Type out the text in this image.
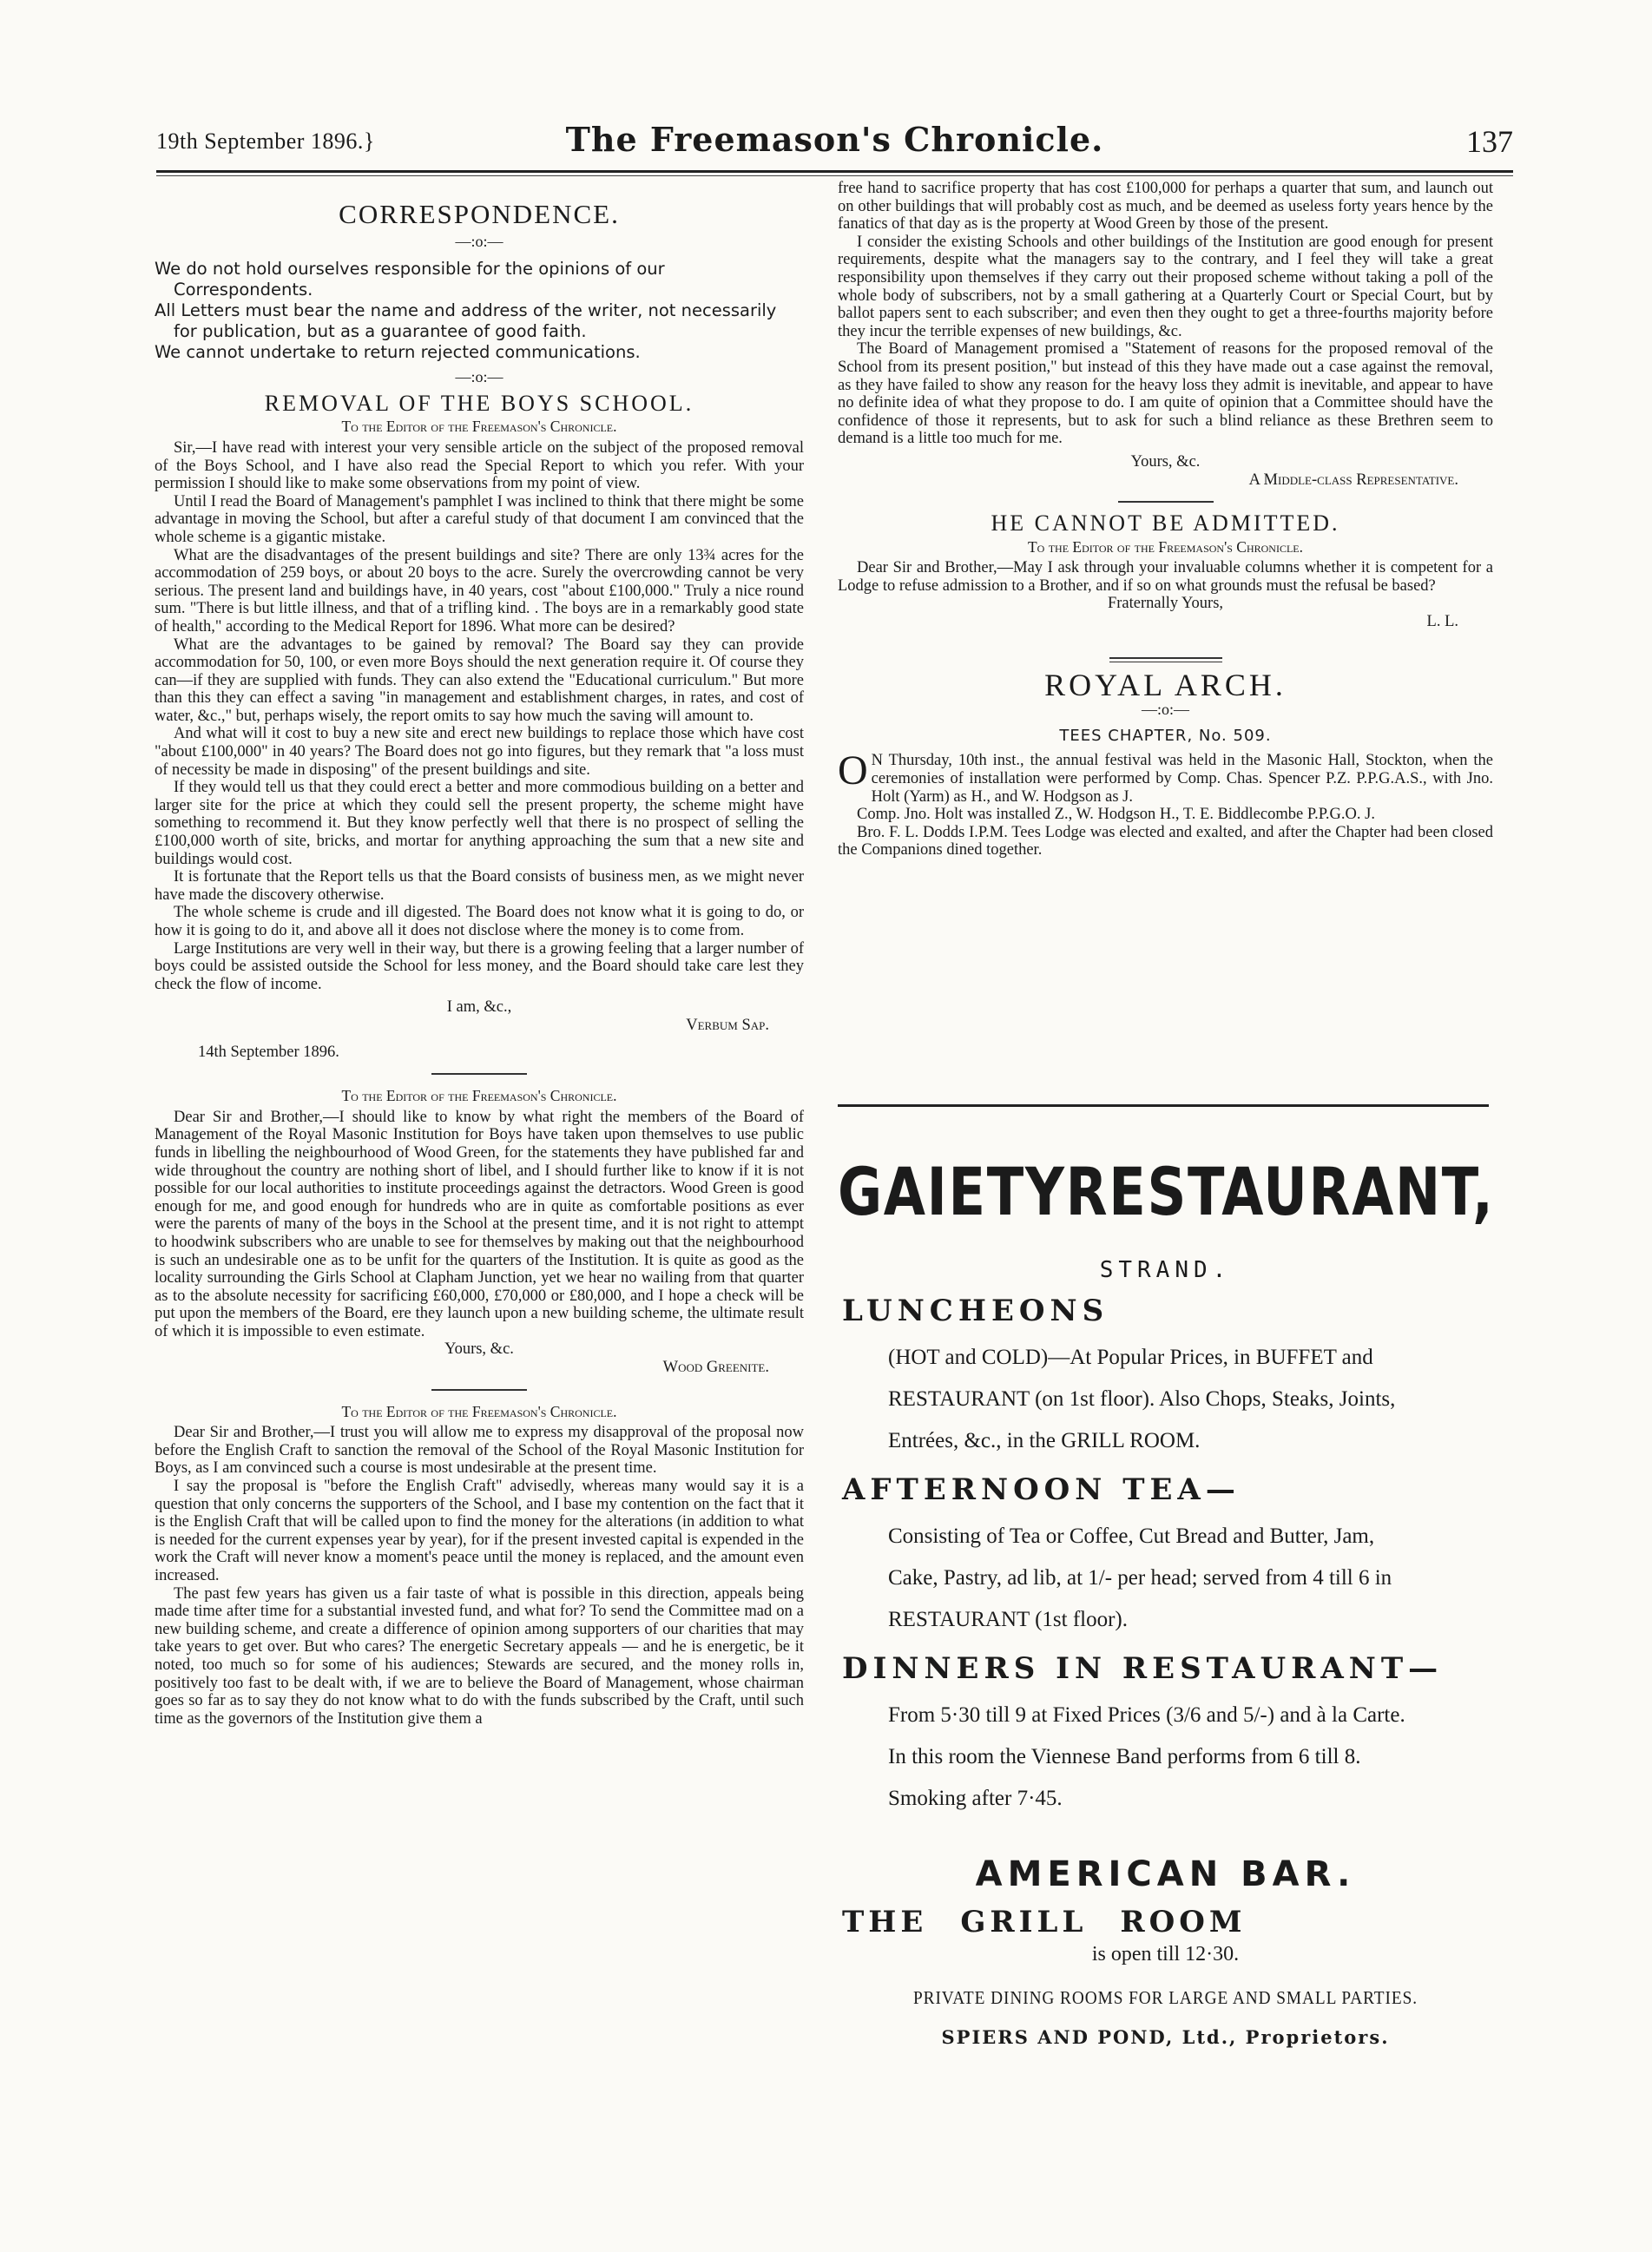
19th September 1896.}	The Freemason's Chronicle.	137
CORRESPONDENCE.
—:o:—
We do not hold ourselves responsible for the opinions of our Correspondents.
All Letters must bear the name and address of the writer, not necessarily for publication, but as a guarantee of good faith.
We cannot undertake to return rejected communications.
—:o:—
REMOVAL OF THE BOYS SCHOOL.
To the Editor of the Freemason's Chronicle.

Sir,—I have read with interest your very sensible article on the subject of the proposed removal of the Boys School, and I have also read the Special Report to which you refer. With your permission I should like to make some observations from my point of view.

Until I read the Board of Management's pamphlet I was inclined to think that there might be some advantage in moving the School, but after a careful study of that document I am convinced that the whole scheme is a gigantic mistake.

What are the disadvantages of the present buildings and site? There are only 13¾ acres for the accommodation of 259 boys, or about 20 boys to the acre. Surely the overcrowding cannot be very serious. The present land and buildings have, in 40 years, cost "about £100,000." Truly a nice round sum. "There is but little illness, and that of a trifling kind. . The boys are in a remarkably good state of health," according to the Medical Report for 1896. What more can be desired?

What are the advantages to be gained by removal? The Board say they can provide accommodation for 50, 100, or even more Boys should the next generation require it. Of course they can—if they are supplied with funds. They can also extend the "Educational curriculum." But more than this they can effect a saving "in management and establishment charges, in rates, and cost of water, &c.," but, perhaps wisely, the report omits to say how much the saving will amount to.

And what will it cost to buy a new site and erect new buildings to replace those which have cost "about £100,000" in 40 years? The Board does not go into figures, but they remark that "a loss must of necessity be made in disposing" of the present buildings and site.

If they would tell us that they could erect a better and more commodious building on a better and larger site for the price at which they could sell the present property, the scheme might have something to recommend it. But they know perfectly well that there is no prospect of selling the £100,000 worth of site, bricks, and mortar for anything approaching the sum that a new site and buildings would cost.

It is fortunate that the Report tells us that the Board consists of business men, as we might never have made the discovery otherwise.

The whole scheme is crude and ill digested. The Board does not know what it is going to do, or how it is going to do it, and above all it does not disclose where the money is to come from.

Large Institutions are very well in their way, but there is a growing feeling that a larger number of boys could be assisted outside the School for less money, and the Board should take care lest they check the flow of income.

I am, &c.,
Verbum Sap.
14th September 1896.
To the Editor of the Freemason's Chronicle.

Dear Sir and Brother,—I should like to know by what right the members of the Board of Management of the Royal Masonic Institution for Boys have taken upon themselves to use public funds in libelling the neighbourhood of Wood Green, for the statements they have published far and wide throughout the country are nothing short of libel, and I should further like to know if it is not possible for our local authorities to institute proceedings against the detractors. Wood Green is good enough for me, and good enough for hundreds who are in quite as comfortable positions as ever were the parents of many of the boys in the School at the present time, and it is not right to attempt to hoodwink subscribers who are unable to see for themselves by making out that the neighbourhood is such an undesirable one as to be unfit for the quarters of the Institution. It is quite as good as the locality surrounding the Girls School at Clapham Junction, yet we hear no wailing from that quarter as to the absolute necessity for sacrificing £60,000, £70,000 or £80,000, and I hope a check will be put upon the members of the Board, ere they launch upon a new building scheme, the ultimate result of which it is impossible to even estimate.

Yours, &c.
Wood Greenite.
To the Editor of the Freemason's Chronicle.

Dear Sir and Brother,—I trust you will allow me to express my disapproval of the proposal now before the English Craft to sanction the removal of the School of the Royal Masonic Institution for Boys, as I am convinced such a course is most undesirable at the present time.

I say the proposal is "before the English Craft" advisedly, whereas many would say it is a question that only concerns the supporters of the School, and I base my contention on the fact that it is the English Craft that will be called upon to find the money for the alterations (in addition to what is needed for the current expenses year by year), for if the present invested capital is expended in the work the Craft will never know a moment's peace until the money is replaced, and the amount even increased.

The past few years has given us a fair taste of what is possible in this direction, appeals being made time after time for a substantial invested fund, and what for? To send the Committee mad on a new building scheme, and create a difference of opinion among supporters of our charities that may take years to get over. But who cares? The energetic Secretary appeals — and he is energetic, be it noted, too much so for some of his audiences; Stewards are secured, and the money rolls in, positively too fast to be dealt with, if we are to believe the Board of Management, whose chairman goes so far as to say they do not know what to do with the funds subscribed by the Craft, until such time as the governors of the Institution give them a

free hand to sacrifice property that has cost £100,000 for perhaps a quarter that sum, and launch out on other buildings that will probably cost as much, and be deemed as useless forty years hence by the fanatics of that day as is the property at Wood Green by those of the present.

I consider the existing Schools and other buildings of the Institution are good enough for present requirements, despite what the managers say to the contrary, and I feel they will take a great responsibility upon themselves if they carry out their proposed scheme without taking a poll of the whole body of subscribers, not by a small gathering at a Quarterly Court or Special Court, but by ballot papers sent to each subscriber; and even then they ought to get a three-fourths majority before they incur the terrible expenses of new buildings, &c.

The Board of Management promised a "Statement of reasons for the proposed removal of the School from its present position," but instead of this they have made out a case against the removal, as they have failed to show any reason for the heavy loss they admit is inevitable, and appear to have no definite idea of what they propose to do. I am quite of opinion that a Committee should have the confidence of those it represents, but to ask for such a blind reliance as these Brethren seem to demand is a little too much for me.

Yours, &c.
A Middle-class Representative.
HE CANNOT BE ADMITTED.
To the Editor of the Freemason's Chronicle.

Dear Sir and Brother,—May I ask through your invaluable columns whether it is competent for a Lodge to refuse admission to a Brother, and if so on what grounds must the refusal be based?

Fraternally Yours,
L. L.
ROYAL ARCH.
—:o:—
TEES CHAPTER, No. 509.

O N Thursday, 10th inst., the annual festival was held in the Masonic Hall, Stockton, when the ceremonies of installation were performed by Comp. Chas. Spencer P.Z. P.P.G.A.S., with Jno. Holt (Yarm) as H., and W. Hodgson as J.

Comp. Jno. Holt was installed Z., W. Hodgson H., T. E. Biddlecombe P.P.G.O. J.

Bro. F. L. Dodds I.P.M. Tees Lodge was elected and exalted, and after the Chapter had been closed the Companions dined together.

GAIETY RESTAURANT,
STRAND.
LUNCHEONS
(HOT and COLD)—At Popular Prices, in BUFFET and
RESTAURANT (on 1st floor). Also Chops, Steaks, Joints,
Entrées, &c., in the GRILL ROOM.
AFTERNOON TEA—
Consisting of Tea or Coffee, Cut Bread and Butter, Jam,
Cake, Pastry, ad lib, at 1/- per head; served from 4 till 6 in
RESTAURANT (1st floor).
DINNERS IN RESTAURANT—
From 5·30 till 9 at Fixed Prices (3/6 and 5/-) and à la Carte.
In this room the Viennese Band performs from 6 till 8.
Smoking after 7·45.
AMERICAN BAR.
THE GRILL ROOM
is open till 12·30.
PRIVATE DINING ROOMS FOR LARGE AND SMALL PARTIES.
SPIERS AND POND, Ltd., Proprietors.
